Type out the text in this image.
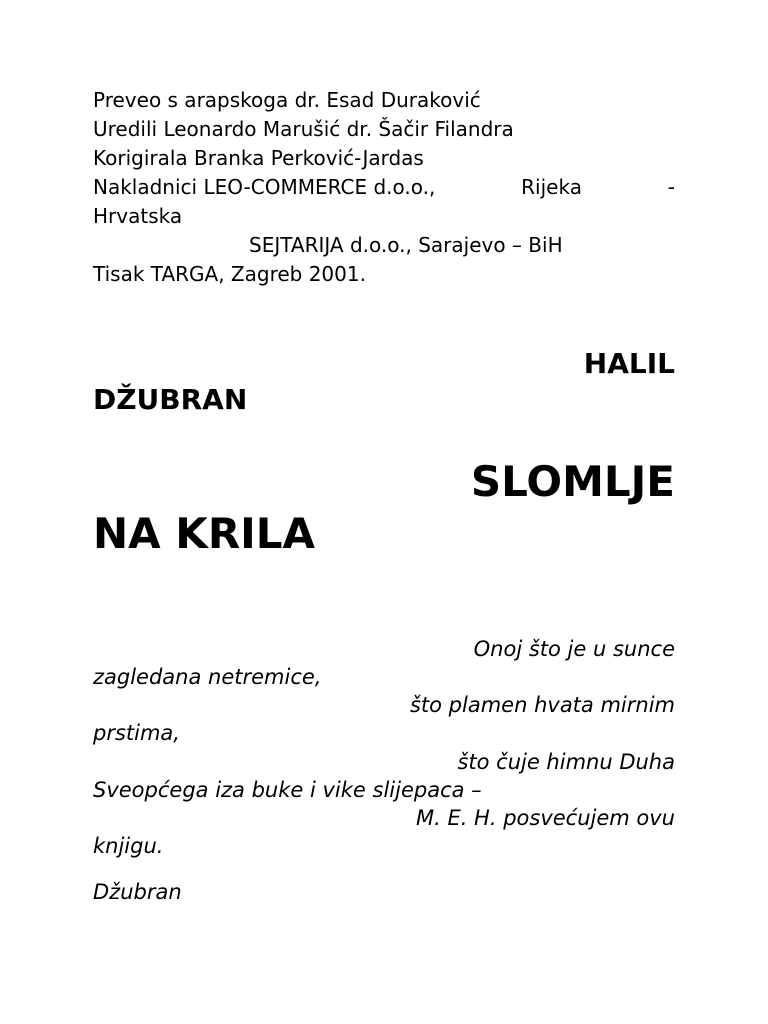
Preveo s arapskoga dr. Esad Duraković
Uredili Leonardo Marušić dr. Šačir Filandra
Korigirala Branka Perković-Jardas
Nakladnici LEO-COMMERCE d.o.o.,	Rijeka	-
Hrvatska
SEJTARIJA d.o.o., Sarajevo – BiH
Tisak TARGA, Zagreb 2001.
HALIL
DŽUBRAN
SLOMLJE
NA KRILA
Onoj što je u sunce
zagledana netremice,
što plamen hvata mirnim
prstima,
što čuje himnu Duha
Sveopćega iza buke i vike slijepaca –
M. E. H. posvećujem ovu
knjigu.
Džubran
